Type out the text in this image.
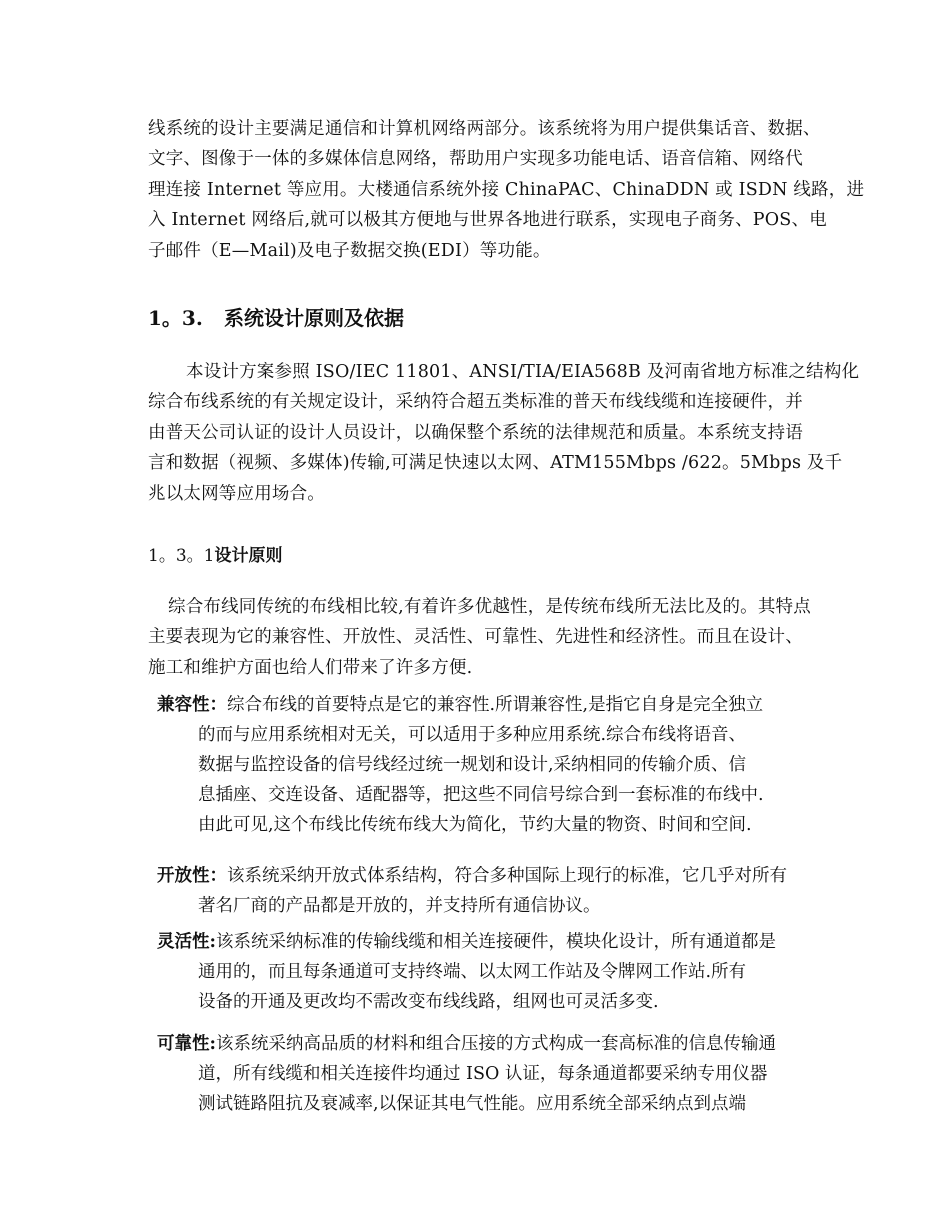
线系统的设计主要满足通信和计算机网络两部分。该系统将为用户提供集话音、数据、
文字、图像于一体的多媒体信息网络，帮助用户实现多功能电话、语音信箱、网络代
理连接 Internet 等应用。大楼通信系统外接 ChinaPAC、ChinaDDN 或 ISDN 线路，进
入 Internet 网络后,就可以极其方便地与世界各地进行联系，实现电子商务、POS、电
子邮件（E—Mail)及电子数据交换(EDI）等功能。

1。3. 系统设计原则及依据

本设计方案参照 ISO/IEC 11801、ANSI/TIA/EIA568B 及河南省地方标准之结构化
综合布线系统的有关规定设计，采纳符合超五类标准的普天布线线缆和连接硬件，并
由普天公司认证的设计人员设计，以确保整个系统的法律规范和质量。本系统支持语
言和数据（视频、多媒体)传输,可满足快速以太网、ATM155Mbps /622。5Mbps 及千
兆以太网等应用场合。

1。3。1设计原则

综合布线同传统的布线相比较,有着许多优越性，是传统布线所无法比及的。其特点
主要表现为它的兼容性、开放性、灵活性、可靠性、先进性和经济性。而且在设计、
施工和维护方面也给人们带来了许多方便.

兼容性：综合布线的首要特点是它的兼容性.所谓兼容性,是指它自身是完全独立
的而与应用系统相对无关，可以适用于多种应用系统.综合布线将语音、
数据与监控设备的信号线经过统一规划和设计,采纳相同的传输介质、信
息插座、交连设备、适配器等，把这些不同信号综合到一套标准的布线中.
由此可见,这个布线比传统布线大为简化，节约大量的物资、时间和空间.
开放性：该系统采纳开放式体系结构，符合多种国际上现行的标准，它几乎对所有
著名厂商的产品都是开放的，并支持所有通信协议。
灵活性:该系统采纳标准的传输线缆和相关连接硬件，模块化设计，所有通道都是
通用的，而且每条通道可支持终端、以太网工作站及令牌网工作站.所有
设备的开通及更改均不需改变布线线路，组网也可灵活多变.
可靠性:该系统采纳高品质的材料和组合压接的方式构成一套高标准的信息传输通
道，所有线缆和相关连接件均通过 ISO 认证，每条通道都要采纳专用仪器
测试链路阻抗及衰减率,以保证其电气性能。应用系统全部采纳点到点端
